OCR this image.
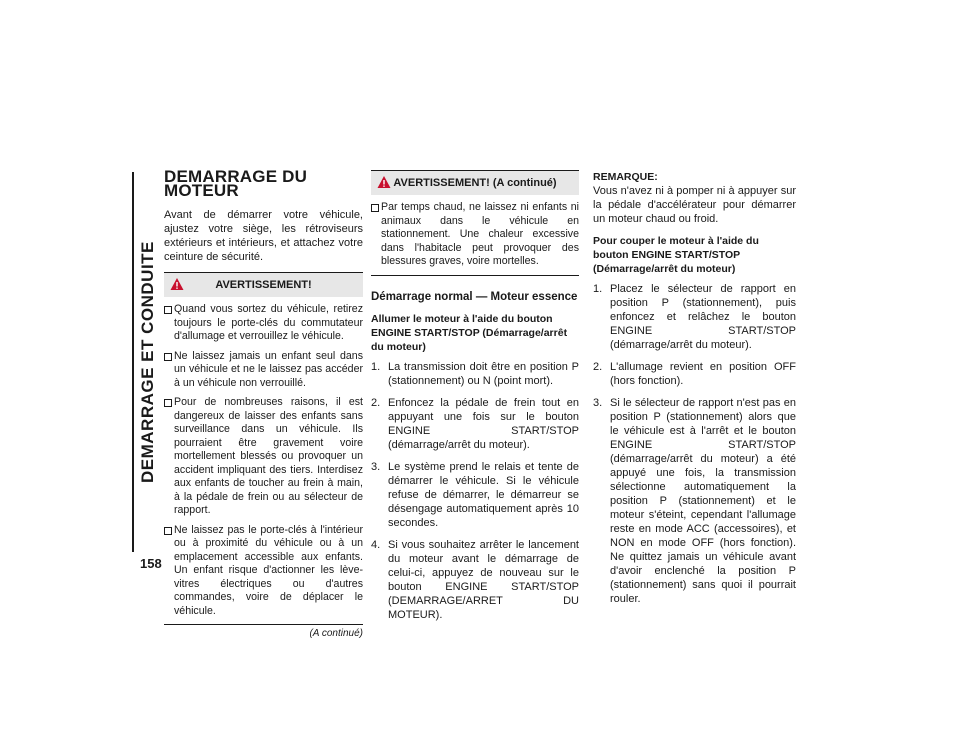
DEMARRAGE ET CONDUITE
158
DEMARRAGE DU MOTEUR

Avant de démarrer votre véhicule, ajustez votre siège, les rétroviseurs extérieurs et intérieurs, et attachez votre ceinture de sécurité.

AVERTISSEMENT!
Quand vous sortez du véhicule, retirez toujours le porte-clés du commutateur d'allumage et verrouillez le véhicule.
Ne laissez jamais un enfant seul dans un véhicule et ne le laissez pas accéder à un véhicule non verrouillé.
Pour de nombreuses raisons, il est dangereux de laisser des enfants sans surveillance dans un véhicule. Ils pourraient être gravement voire mortellement blessés ou provoquer un accident impliquant des tiers. Interdisez aux enfants de toucher au frein à main, à la pédale de frein ou au sélecteur de rapport.
Ne laissez pas le porte-clés à l'intérieur ou à proximité du véhicule ou à un emplacement accessible aux enfants. Un enfant risque d'actionner les lève-vitres électriques ou d'autres commandes, voire de déplacer le véhicule.
(A continué)
AVERTISSEMENT! (A continué)
Par temps chaud, ne laissez ni enfants ni animaux dans le véhicule en stationnement. Une chaleur excessive dans l'habitacle peut provoquer des blessures graves, voire mortelles.
Démarrage normal — Moteur essence
Allumer le moteur à l'aide du bouton ENGINE START/STOP (Démarrage/arrêt du moteur)
1. La transmission doit être en position P (stationnement) ou N (point mort).
2. Enfoncez la pédale de frein tout en appuyant une fois sur le bouton ENGINE START/STOP (démarrage/arrêt du moteur).
3. Le système prend le relais et tente de démarrer le véhicule. Si le véhicule refuse de démarrer, le démarreur se désengage automatiquement après 10 secondes.
4. Si vous souhaitez arrêter le lancement du moteur avant le démarrage de celui-ci, appuyez de nouveau sur le bouton ENGINE START/STOP (DEMARRAGE/ARRET DU MOTEUR).
REMARQUE:

Vous n'avez ni à pomper ni à appuyer sur la pédale d'accélérateur pour démarrer un moteur chaud ou froid.

Pour couper le moteur à l'aide du bouton ENGINE START/STOP (Démarrage/arrêt du moteur)
1. Placez le sélecteur de rapport en position P (stationnement), puis enfoncez et relâchez le bouton ENGINE START/STOP (démarrage/arrêt du moteur).
2. L'allumage revient en position OFF (hors fonction).
3. Si le sélecteur de rapport n'est pas en position P (stationnement) alors que le véhicule est à l'arrêt et le bouton ENGINE START/STOP (démarrage/arrêt du moteur) a été appuyé une fois, la transmission sélectionne automatiquement la position P (stationnement) et le moteur s'éteint, cependant l'allumage reste en mode ACC (accessoires), et NON en mode OFF (hors fonction). Ne quittez jamais un véhicule avant d'avoir enclenché la position P (stationnement) sans quoi il pourrait rouler.
